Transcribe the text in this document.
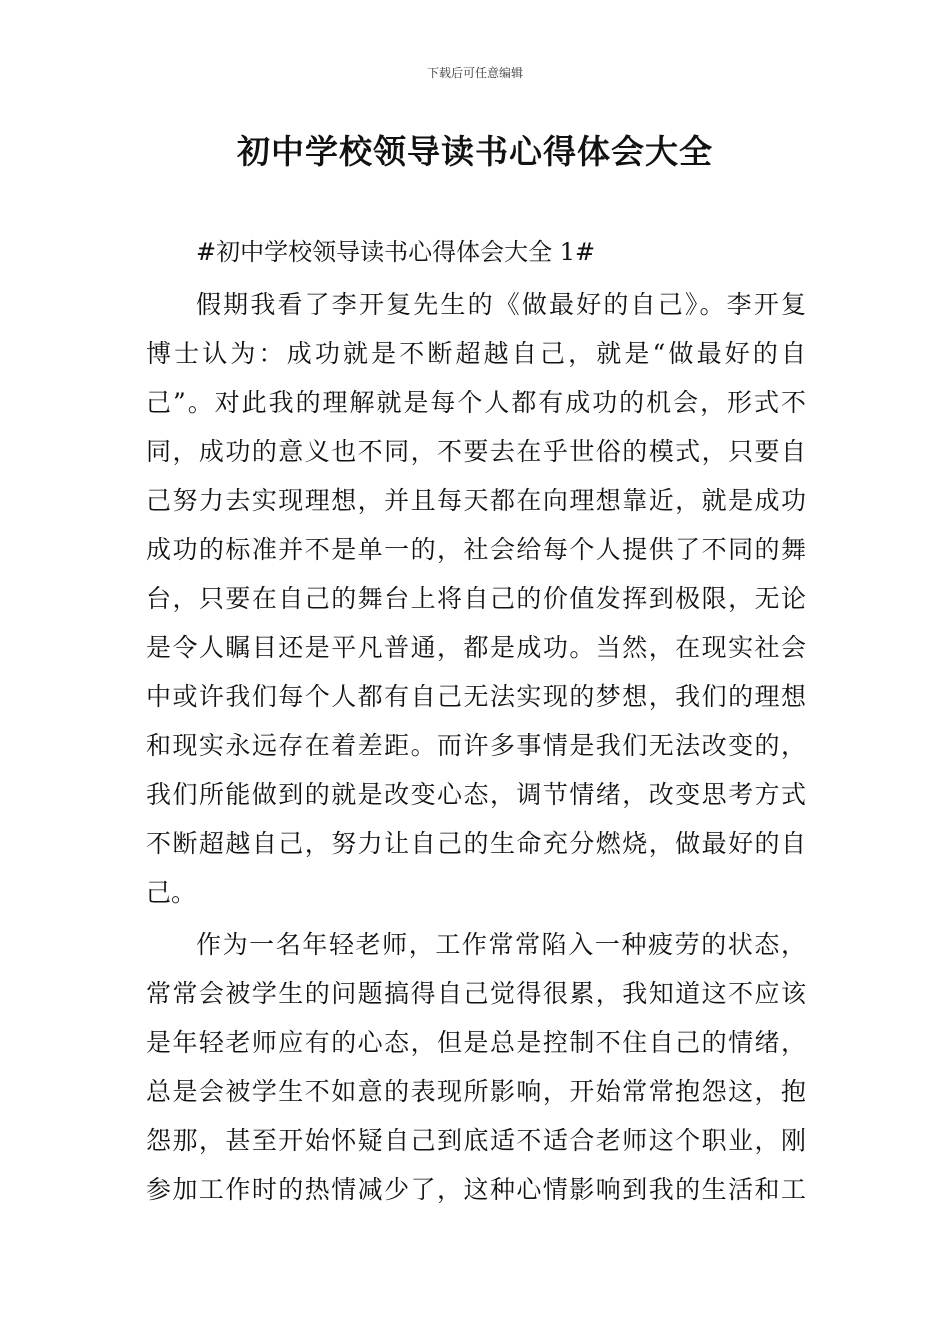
下载后可任意编辑
初中学校领导读书心得体会大全
#初中学校领导读书心得体会大全 1#
假期我看了李开复先生的《做最好的自己》。李开复
博士认为：成功就是不断超越自己，就是“做最好的自
己”。对此我的理解就是每个人都有成功的机会，形式不
同，成功的意义也不同，不要去在乎世俗的模式，只要自
己努力去实现理想，并且每天都在向理想靠近，就是成功
成功的标准并不是单一的，社会给每个人提供了不同的舞
台，只要在自己的舞台上将自己的价值发挥到极限，无论
是令人瞩目还是平凡普通，都是成功。当然，在现实社会
中或许我们每个人都有自己无法实现的梦想，我们的理想
和现实永远存在着差距。而许多事情是我们无法改变的，
我们所能做到的就是改变心态，调节情绪，改变思考方式
不断超越自己，努力让自己的生命充分燃烧，做最好的自
己。
作为一名年轻老师，工作常常陷入一种疲劳的状态，
常常会被学生的问题搞得自己觉得很累，我知道这不应该
是年轻老师应有的心态，但是总是控制不住自己的情绪，
总是会被学生不如意的表现所影响，开始常常抱怨这，抱
怨那，甚至开始怀疑自己到底适不适合老师这个职业，刚
参加工作时的热情减少了，这种心情影响到我的生活和工
